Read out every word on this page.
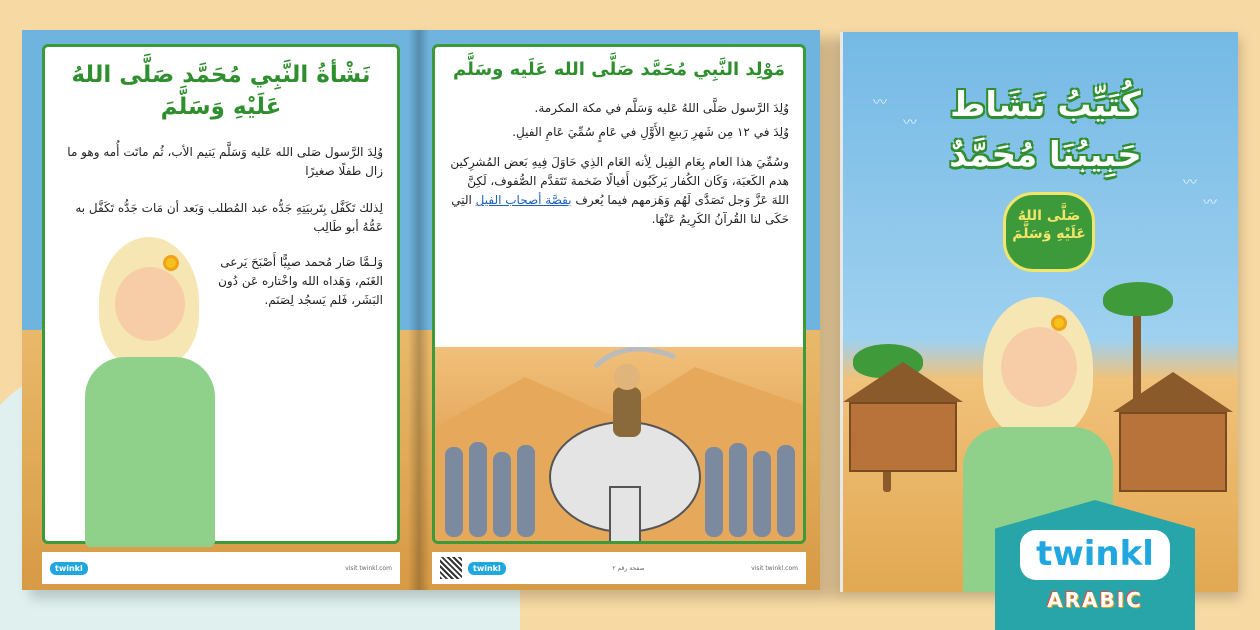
نَشْأةُ النَّبِي مُحَمَّد صَلَّى اللهُ عَلَيْهِ وَسَلَّمَ
وُلِدَ الرَّسول صَلى الله عَليه وَسَلَّم يَتيم الأب، ثُم ماتَت أُمه وهو ما زال طفلًا صغيرًا
لِذلك تَكَفَّل بِتَربيَتِهِ جَدُّه عبد المُطلب وَبَعد أن مَات جَدُّه تَكَفَّل به عَمُّهُ أبو طَالِب
وَلـمَّا صَار مُحمد صبِيًّا أَصْبَحَ يَرعى الغَنَم، وَهَداه الله واخْتاره عَن دُون البَشَر، فَلم يَسجُد لِصَنَم.
twinkl	visit twinkl.com
مَوْلِد النَّبِي مُحَمَّد صَلَّى الله عَلَيه وسَلَّم
وُلِدَ الرَّسول صَلَّى اللهُ عَليه وَسَلَّم في مكة المكرمة.
وُلِدَ في ١٢ مِن شَهرِ رَبيعِ الأَوَّلِ في عَامٍ سُمِّيَ عَامِ الفيلِ.
وسُمِّيَ هذا العام بِعَام الفِيل لِأنه العَام الذِي حَاوَلَ فِيهِ بَعض المُشرِكين هدم الكَعبَة، وَكَان الكُفار يَركَبُون أَفيالًا ضَخمة تَتَقدَّم الصُّفوف، لَكِنَّ اللهَ عَزَّ وَجل تَصَدَّى لَهُم وَهَزمهم فيما يُعرف بقصَّة أصحاب الفيل التِي حَكَى لنا القُرآنُ الكَرِيمُ عَنْهَا.
twinkl	صفحة رقم ٢	visit twinkl.com
〰
〰
〰
〰
كُتَيِّبُ نَشَاط
حَبِيبُنَا مُحَمَّدٌ
صَلَّى اللهُ عَلَيْهِ وَسَلَّمَ
twinkl
ARABIC
